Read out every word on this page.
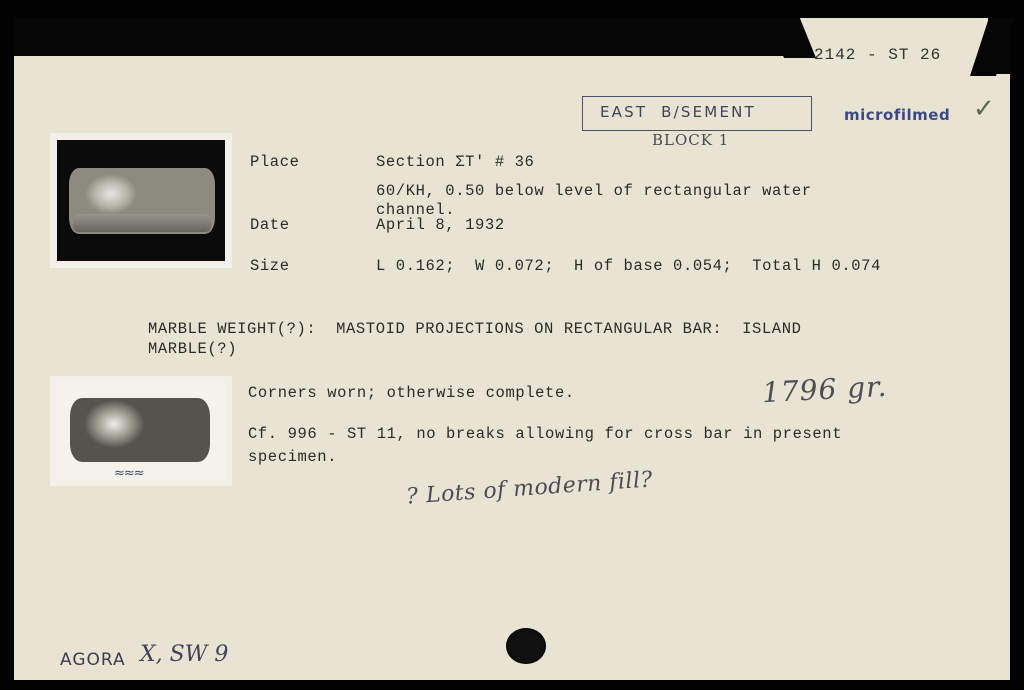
2142 - ST 26
EAST  B/SEMENT
BLOCK 1
microfilmed ✓
≈≈≈
Place	Section ΣT' # 36
60/KH, 0.50 below level of rectangular water
channel.
Date	April 8, 1932
Size	L 0.162;  W 0.072;  H of base 0.054;  Total H 0.074
MARBLE WEIGHT(?):  MASTOID PROJECTIONS ON RECTANGULAR BAR:  ISLAND
MARBLE(?)
Corners worn; otherwise complete.
Cf. 996 - ST 11, no breaks allowing for cross bar in present
specimen.
1796 gr.
? Lots of modern fill?
AGORA X, SW 9
